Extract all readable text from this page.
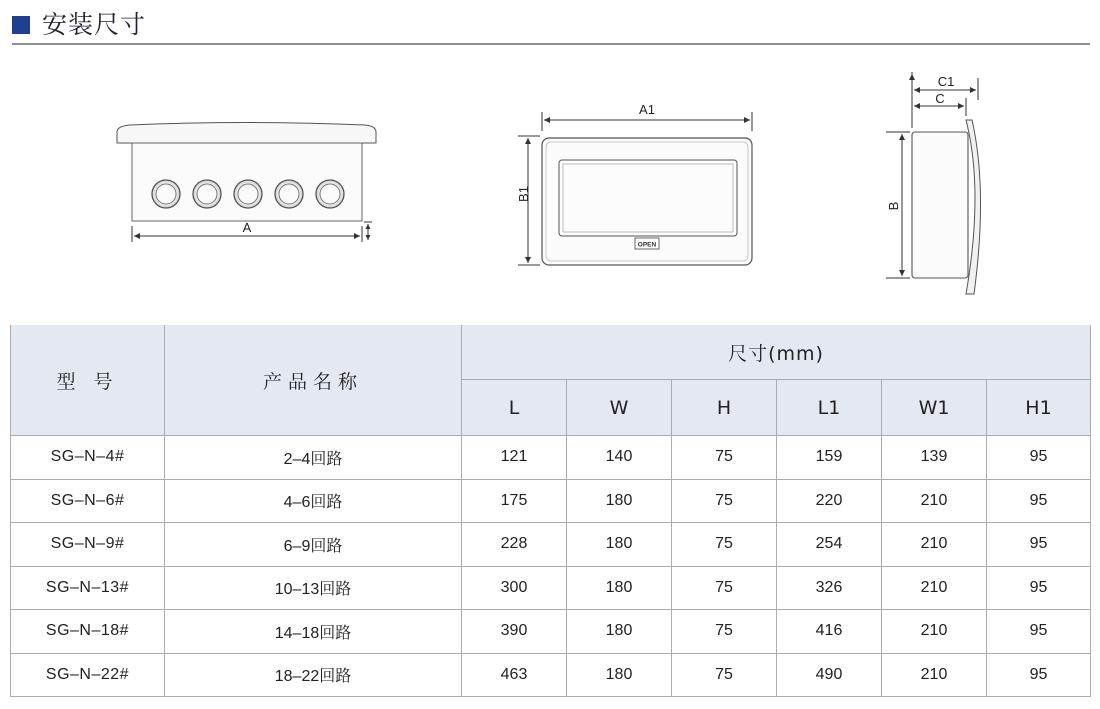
安装尺寸
A
A1
B1
OPEN
C1
C
B
型 号	产品名称	尺寸(mm)					
		L	W	H	L1	W1	H1
SG–N–4#	2–4回路	121	140	75	159	139	95
SG–N–6#	4–6回路	175	180	75	220	210	95
SG–N–9#	6–9回路	228	180	75	254	210	95
SG–N–13#	10–13回路	300	180	75	326	210	95
SG–N–18#	14–18回路	390	180	75	416	210	95
SG–N–22#	18–22回路	463	180	75	490	210	95
